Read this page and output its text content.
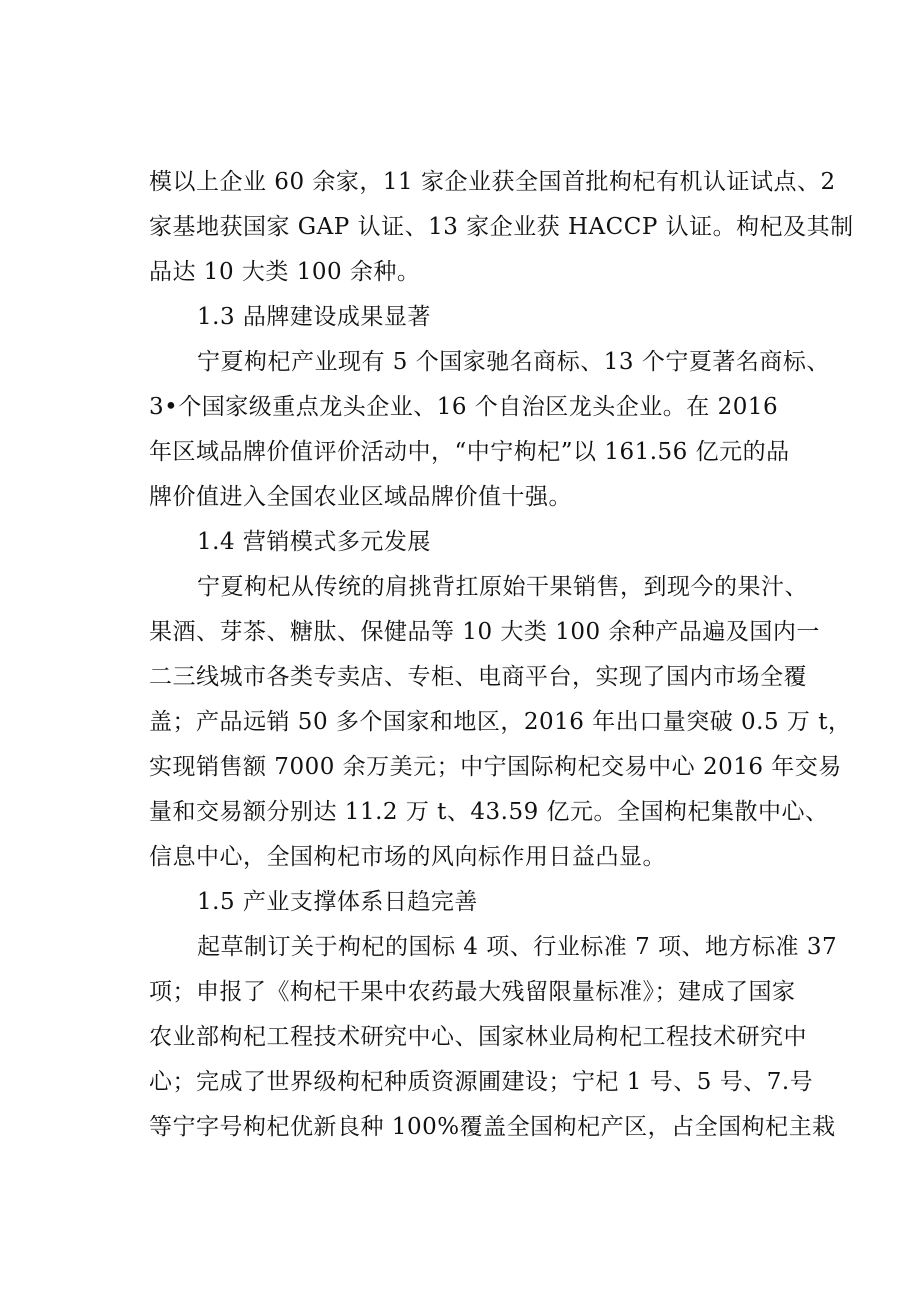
模以上企业 60 余家，11 家企业获全国首批枸杞有机认证试点、2
家基地获国家 GAP 认证、13 家企业获 HACCP 认证。枸杞及其制
品达 10 大类 100 余种。
1.3 品牌建设成果显著
宁夏枸杞产业现有 5 个国家驰名商标、13 个宁夏著名商标、
3•个国家级重点龙头企业、16 个自治区龙头企业。在 2016
年区域品牌价值评价活动中，“中宁枸杞”以 161.56 亿元的品
牌价值进入全国农业区域品牌价值十强。
1.4 营销模式多元发展
宁夏枸杞从传统的肩挑背扛原始干果销售，到现今的果汁、
果酒、芽茶、糖肽、保健品等 10 大类 100 余种产品遍及国内一
二三线城市各类专卖店、专柜、电商平台，实现了国内市场全覆
盖；产品远销 50 多个国家和地区，2016 年出口量突破 0.5 万 t，
实现销售额 7000 余万美元；中宁国际枸杞交易中心 2016 年交易
量和交易额分别达 11.2 万 t、43.59 亿元。全国枸杞集散中心、
信息中心，全国枸杞市场的风向标作用日益凸显。
1.5 产业支撑体系日趋完善
起草制订关于枸杞的国标 4 项、行业标准 7 项、地方标准 37
项；申报了《枸杞干果中农药最大残留限量标准》；建成了国家
农业部枸杞工程技术研究中心、国家林业局枸杞工程技术研究中
心；完成了世界级枸杞种质资源圃建设；宁杞 1 号、5 号、7.号
等宁字号枸杞优新良种 100%覆盖全国枸杞产区，占全国枸杞主栽
